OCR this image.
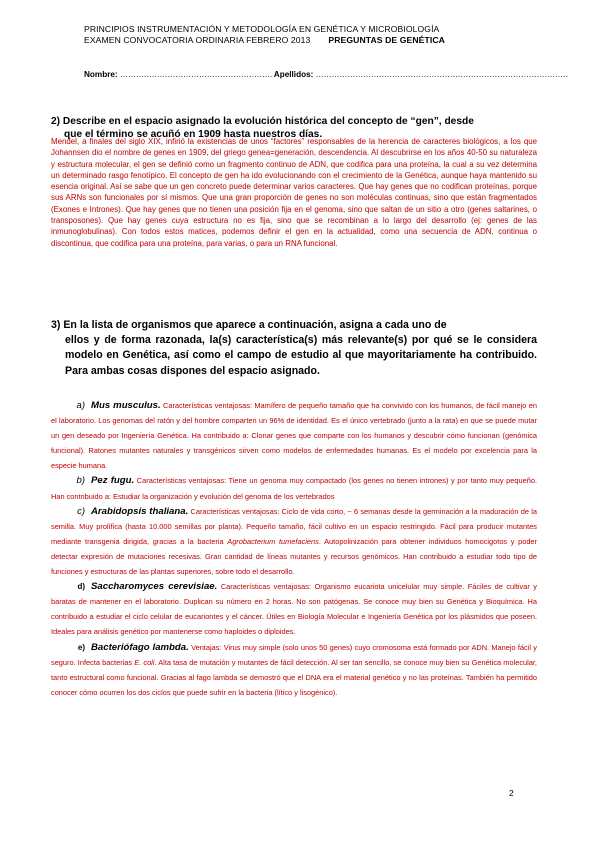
PRINCIPIOS INSTRUMENTACIÓN Y METODOLOGÍA EN GENÉTICA Y MICROBIOLOGÍA
EXAMEN CONVOCATORIA ORDINARIA FEBRERO 2013 PREGUNTAS DE GENÉTICA
Nombre: …………………………………………………. Apellidos: ……………………………………………………………………………………
2) Describe en el espacio asignado la evolución histórica del concepto de “gen”, desde
que el término se acuñó en 1909 hasta nuestros días.
Mendel, a finales del siglo XIX, infirió la existencias de unos “factores” responsables de la herencia de caracteres biológicos, a los que Johannsen dio el nombre de genes en 1909, del griego genea=generación, descendencia. Al descubrirse en los años 40-50 su naturaleza y estructura molecular, el gen se definió como un fragmento continuo de ADN, que codifica para una proteína, la cual a su vez determina un determinado rasgo fenotípico. El concepto de gen ha ido evolucionando con el crecimiento de la Genética, aunque haya mantenido su esencia original. Así se sabe que un gen concreto puede determinar varios caracteres. Que hay genes que no codifican proteínas, porque sus ARNs son funcionales por sí mismos. Que una gran proporción de genes no son moléculas continuas, sino que están fragmentados (Exones e Intrones). Que hay genes que no tienen una posición fija en el genoma, sino que saltan de un sitio a otro (genes saltarines, o transposones). Que hay genes cuya estructura no es fija, sino que se recombinan a lo largo del desarrollo (ej: genes de las inmunoglobulinas). Con todos estos matices, podemos definir el gen en la actualidad, como una secuencia de ADN, continua o discontinua, que codifica para una proteína, para varias, o para un RNA funcional.
3) En la lista de organismos que aparece a continuación, asigna a cada uno de
ellos y de forma razonada, la(s) característica(s) más relevante(s) por qué se le considera modelo en Genética, así como el campo de estudio al que mayoritariamente ha contribuido. Para ambas cosas dispones del espacio asignado.
a) Mus musculus. Características ventajosas: Mamífero de pequeño tamaño que ha convivido con los humanos, de fácil manejo en el laboratorio. Los genomas del ratón y del hombre comparten un 96% de identidad. Es el único vertebrado (junto a la rata) en que se puede mutar un gen deseado por Ingeniería Genética. Ha contribuido a: Clonar genes que comparte con los humanos y descubrir cómo funcionan (genómica funcional). Ratones mutantes naturales y transgénicos sirven como modelos de enfermedades humanas. Es el modelo por excelencia para la especie humana.
b) Pez fugu. Características ventajosas: Tiene un genoma muy compactado (los genes no tienen intrones) y por tanto muy pequeño. Han contribuido a: Estudiar la organización y evolución del genoma de los vertebrados
c) Arabidopsis thaliana. Características ventajosas: Ciclo de vida corto, ~ 6 semanas desde la germinación a la maduración de la semilla. Muy prolífica (hasta 10.000 semillas por planta). Pequeño tamaño, fácil cultivo en un espacio restringido. Fácil para producir mutantes mediante transgenia dirigida, gracias a la bacteria Agrobacterium tumefaciens. Autopolinización para obtener individuos homocigotos y poder detectar expresión de mutaciones recesivas. Gran cantidad de líneas mutantes y recursos genómicos. Han contribuido a estudiar todo tipo de funciones y estructuras de las plantas superiores, sobre todo el desarrollo.
d) Saccharomyces cerevisiae. Características ventajosas: Organismo eucariota unicelular muy simple. Fáciles de cultivar y baratas de mantener en el laboratorio. Duplican su número en 2 horas. No son patógenas. Se conoce muy bien su Genética y Bioquímica. Ha contribuido a estudiar el ciclo celular de eucariontes y el cáncer. Útiles en Biología Molecular e Ingeniería Genética por los plásmidos que poseen. Ideales para análisis genético por mantenerse como haploides o diploides.
e) Bacteriófago lambda. Ventajas: Virus muy simple (solo unos 50 genes) cuyo cromosoma está formado por ADN. Manejo fácil y seguro. Infecta bacterias E. coli. Alta tasa de mutación y mutantes de fácil detección. Al ser tan sencillo, se conoce muy bien su Genética molecular, tanto estructural como funcional. Gracias al fago lambda se demostró que el DNA era el material genético y no las proteínas. También ha permitido conocer cómo ocurren los dos ciclos que puede sufrir en la bacteria (lítico y lisogénico).
2
